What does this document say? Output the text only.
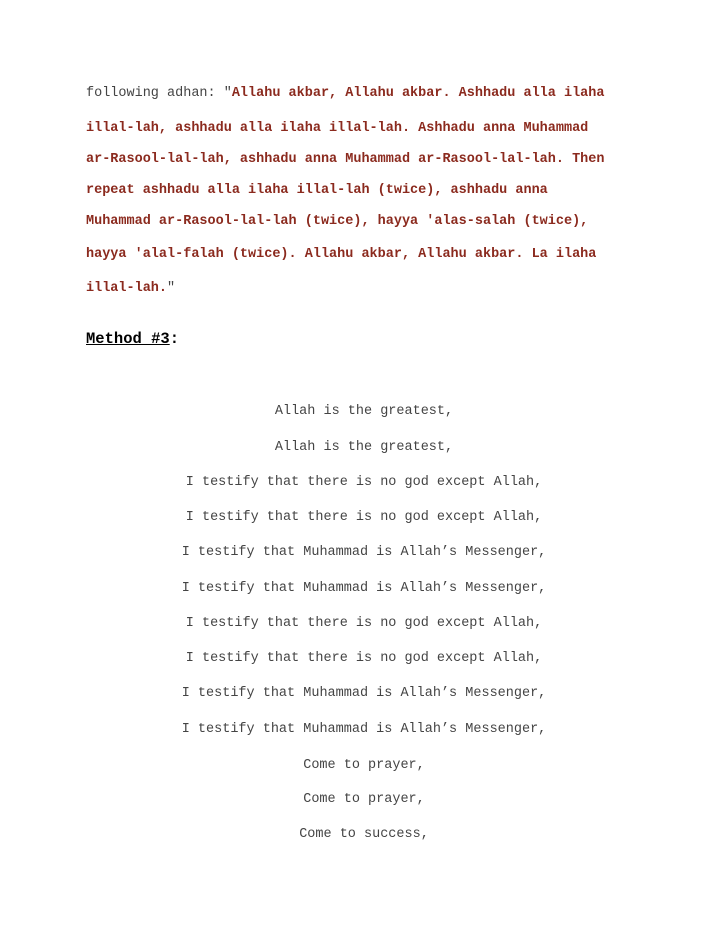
following adhan: "Allahu akbar, Allahu akbar. Ashhadu alla ilaha
illal-lah, ashhadu alla ilaha illal-lah. Ashhadu anna Muhammad
ar-Rasool-lal-lah, ashhadu anna Muhammad ar-Rasool-lal-lah. Then
repeat ashhadu alla ilaha illal-lah (twice), ashhadu anna
Muhammad ar-Rasool-lal-lah (twice), hayya 'alas-salah (twice),
hayya 'alal-falah (twice). Allahu akbar, Allahu akbar. La ilaha
illal-lah."
Method #3:
Allah is the greatest,
Allah is the greatest,
I testify that there is no god except Allah,
I testify that there is no god except Allah,
I testify that Muhammad is Allah’s Messenger,
I testify that Muhammad is Allah’s Messenger,
I testify that there is no god except Allah,
I testify that there is no god except Allah,
I testify that Muhammad is Allah’s Messenger,
I testify that Muhammad is Allah’s Messenger,
Come to prayer,
Come to prayer,
Come to success,
